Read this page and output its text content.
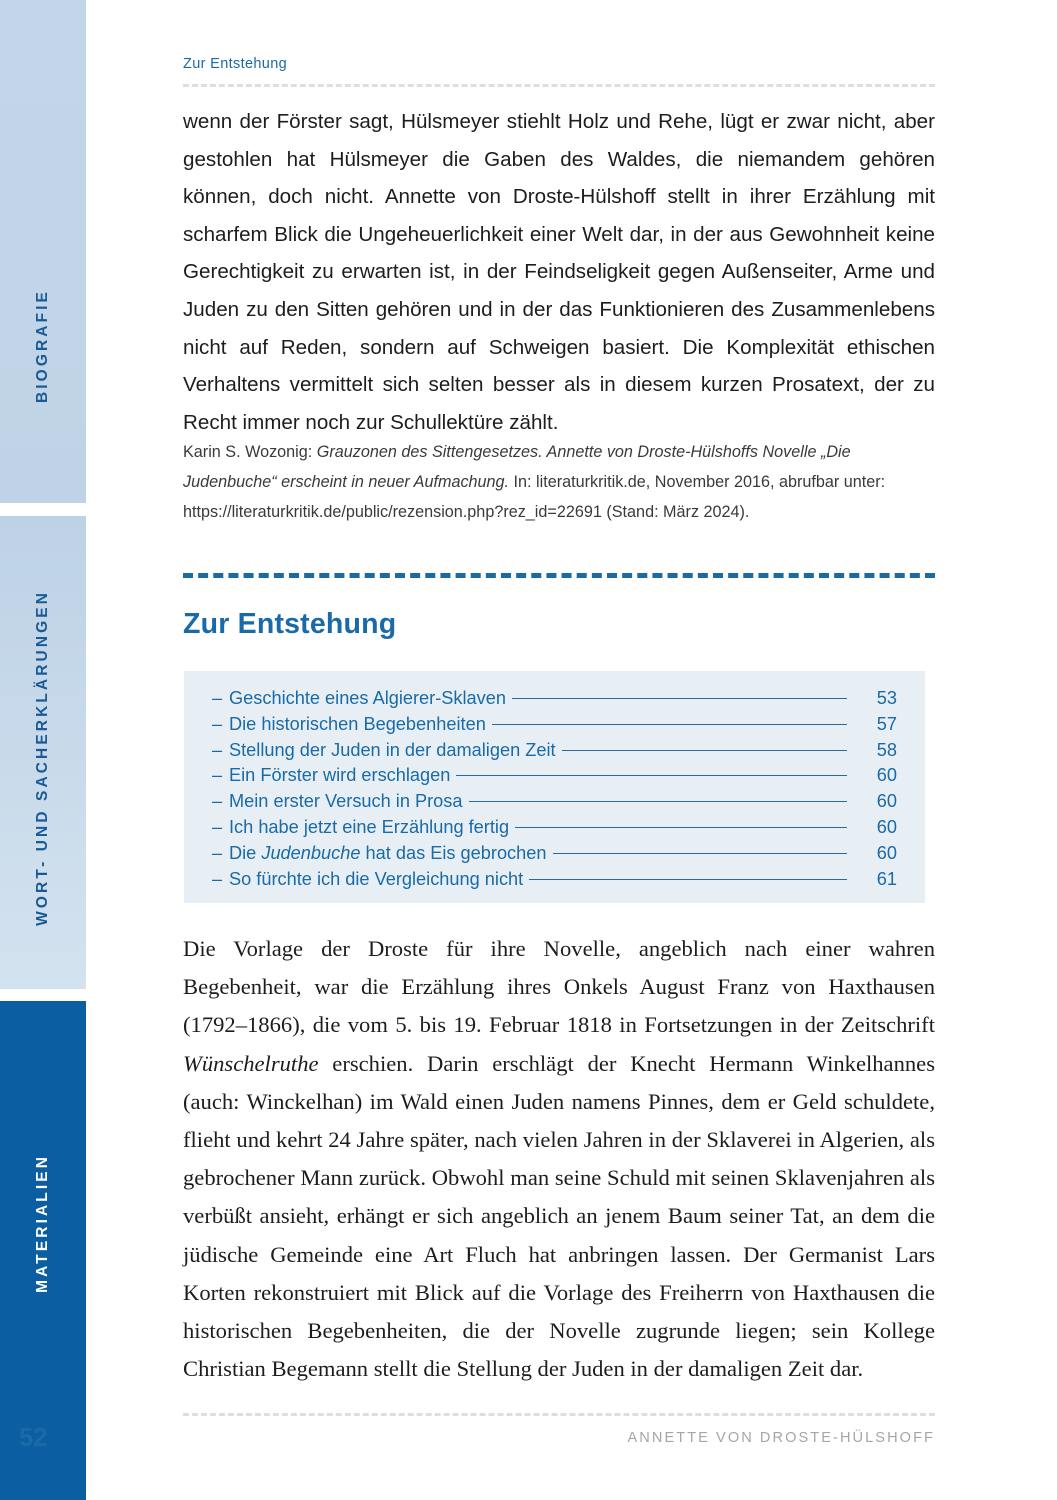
BIOGRAFIE
WORT- UND SACHERKLÄRUNGEN
MATERIALIEN
Zur Entstehung
wenn der Förster sagt, Hülsmeyer stiehlt Holz und Rehe, lügt er zwar nicht, aber gestohlen hat Hülsmeyer die Gaben des Waldes, die niemandem gehören können, doch nicht. Annette von Droste-Hülshoff stellt in ihrer Erzählung mit scharfem Blick die Ungeheuerlichkeit einer Welt dar, in der aus Gewohnheit keine Gerechtigkeit zu erwarten ist, in der Feindseligkeit gegen Außenseiter, Arme und Juden zu den Sitten gehören und in der das Funktionieren des Zusammenlebens nicht auf Reden, sondern auf Schweigen basiert. Die Komplexität ethischen Verhaltens vermittelt sich selten besser als in diesem kurzen Prosatext, der zu Recht immer noch zur Schullektüre zählt.
Karin S. Wozonig: Grauzonen des Sittengesetzes. Annette von Droste-Hülshoffs Novelle „Die Judenbuche“ erscheint in neuer Aufmachung. In: literaturkritik.de, November 2016, abrufbar unter: https://literaturkritik.de/public/rezension.php?rez_id=22691 (Stand: März 2024).
Zur Entstehung
– Geschichte eines Algierer-Sklaven	53
– Die historischen Begebenheiten	57
– Stellung der Juden in der damaligen Zeit	58
– Ein Förster wird erschlagen	60
– Mein erster Versuch in Prosa	60
– Ich habe jetzt eine Erzählung fertig	60
– Die Judenbuche hat das Eis gebrochen	60
– So fürchte ich die Vergleichung nicht	61
Die Vorlage der Droste für ihre Novelle, angeblich nach einer wahren Begebenheit, war die Erzählung ihres Onkels August Franz von Haxthausen (1792–1866), die vom 5. bis 19. Februar 1818 in Fortsetzungen in der Zeitschrift Wünschelruthe erschien. Darin erschlägt der Knecht Hermann Winkelhannes (auch: Winckelhan) im Wald einen Juden namens Pinnes, dem er Geld schuldete, flieht und kehrt 24 Jahre später, nach vielen Jahren in der Sklaverei in Algerien, als gebrochener Mann zurück. Obwohl man seine Schuld mit seinen Sklavenjahren als verbüßt ansieht, erhängt er sich angeblich an jenem Baum seiner Tat, an dem die jüdische Gemeinde eine Art Fluch hat anbringen lassen. Der Germanist Lars Korten rekonstruiert mit Blick auf die Vorlage des Freiherrn von Haxthausen die historischen Begebenheiten, die der Novelle zugrunde liegen; sein Kollege Christian Begemann stellt die Stellung der Juden in der damaligen Zeit dar.
ANNETTE VON DROSTE-HÜLSHOFF
52
